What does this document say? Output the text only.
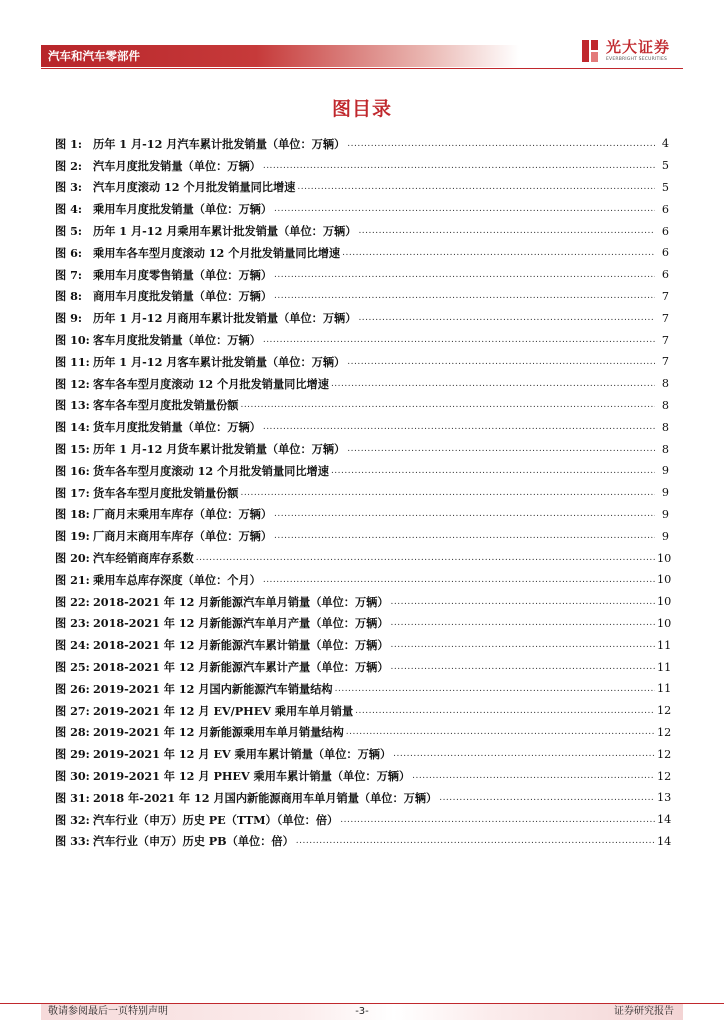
汽车和汽车零部件	光大证券
EVERBRIGHT SECURITIES
图目录
图 1: 历年 1 月-12 月汽车累计批发销量（单位：万辆） .....	4
图 2: 汽车月度批发销量（单位：万辆） .....	5
图 3: 汽车月度滚动 12 个月批发销量同比增速 .....	5
图 4: 乘用车月度批发销量（单位：万辆） .....	6
图 5: 历年 1 月-12 月乘用车累计批发销量（单位：万辆） .....	6
图 6: 乘用车各车型月度滚动 12 个月批发销量同比增速 .....	6
图 7: 乘用车月度零售销量（单位：万辆） .....	6
图 8: 商用车月度批发销量（单位：万辆） .....	7
图 9: 历年 1 月-12 月商用车累计批发销量（单位：万辆） .....	7
图 10: 客车月度批发销量（单位：万辆） .....	7
图 11: 历年 1 月-12 月客车累计批发销量（单位：万辆） .....	7
图 12: 客车各车型月度滚动 12 个月批发销量同比增速 .....	8
图 13: 客车各车型月度批发销量份额 .....	8
图 14: 货车月度批发销量（单位：万辆） .....	8
图 15: 历年 1 月-12 月货车累计批发销量（单位：万辆） .....	8
图 16: 货车各车型月度滚动 12 个月批发销量同比增速 .....	9
图 17: 货车各车型月度批发销量份额 .....	9
图 18: 厂商月末乘用车库存（单位：万辆） .....	9
图 19: 厂商月末商用车库存（单位：万辆） .....	9
图 20: 汽车经销商库存系数 .....	10
图 21: 乘用车总库存深度（单位：个月） .....	10
图 22: 2018-2021 年 12 月新能源汽车单月销量（单位：万辆） .....	10
图 23: 2018-2021 年 12 月新能源汽车单月产量（单位：万辆） .....	10
图 24: 2018-2021 年 12 月新能源汽车累计销量（单位：万辆） .....	11
图 25: 2018-2021 年 12 月新能源汽车累计产量（单位：万辆） .....	11
图 26: 2019-2021 年 12 月国内新能源汽车销量结构 .....	11
图 27: 2019-2021 年 12 月 EV/PHEV 乘用车单月销量 .....	12
图 28: 2019-2021 年 12 月新能源乘用车单月销量结构 .....	12
图 29: 2019-2021 年 12 月 EV 乘用车累计销量（单位：万辆） .....	12
图 30: 2019-2021 年 12 月 PHEV 乘用车累计销量（单位：万辆） .....	12
图 31: 2018 年-2021 年 12 月国内新能源商用车单月销量（单位：万辆） .....	13
图 32: 汽车行业（申万）历史 PE（TTM）（单位：倍） .....	14
图 33: 汽车行业（申万）历史 PB（单位：倍） .....	14
敬请参阅最后一页特别声明	-3-	证券研究报告
